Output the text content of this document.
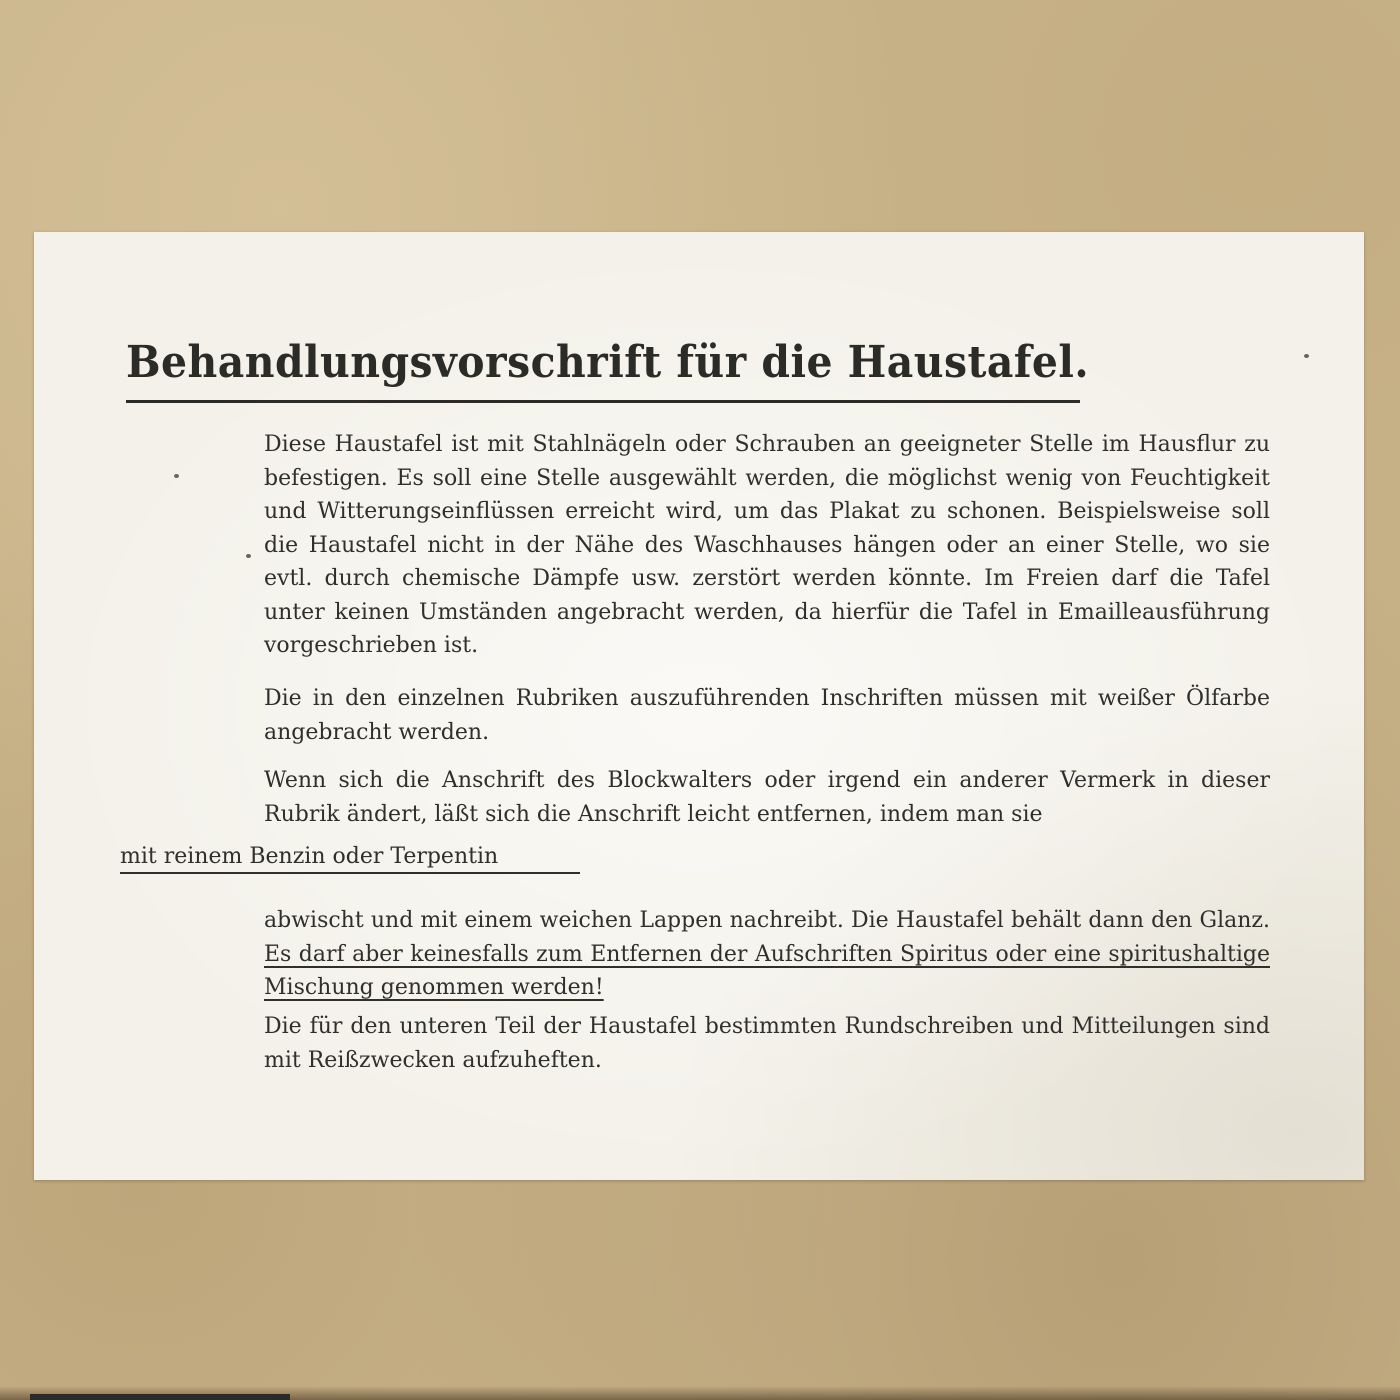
Behandlungsvorschrift für die Haustafel.

Diese Haustafel ist mit Stahlnägeln oder Schrauben an geeigneter Stelle im Hausflur zu befestigen. Es soll eine Stelle ausgewählt werden, die möglichst wenig von Feuchtigkeit und Witterungseinflüssen erreicht wird, um das Plakat zu schonen. Beispielsweise soll die Haustafel nicht in der Nähe des Waschhauses hängen oder an einer Stelle, wo sie evtl. durch chemische Dämpfe usw. zerstört werden könnte. Im Freien darf die Tafel unter keinen Umständen angebracht werden, da hierfür die Tafel in Emailleausführung vorgeschrieben ist.

Die in den einzelnen Rubriken auszuführenden Inschriften müssen mit weißer Ölfarbe angebracht werden.

Wenn sich die Anschrift des Blockwalters oder irgend ein anderer Vermerk in dieser Rubrik ändert, läßt sich die Anschrift leicht entfernen, indem man sie

mit reinem Benzin oder Terpentin

abwischt und mit einem weichen Lappen nachreibt. Die Haustafel behält dann den Glanz. Es darf aber keinesfalls zum Entfernen der Aufschriften Spiritus oder eine spiritushaltige Mischung genommen werden!

Die für den unteren Teil der Haustafel bestimmten Rundschreiben und Mitteilungen sind mit Reißzwecken aufzuheften.
